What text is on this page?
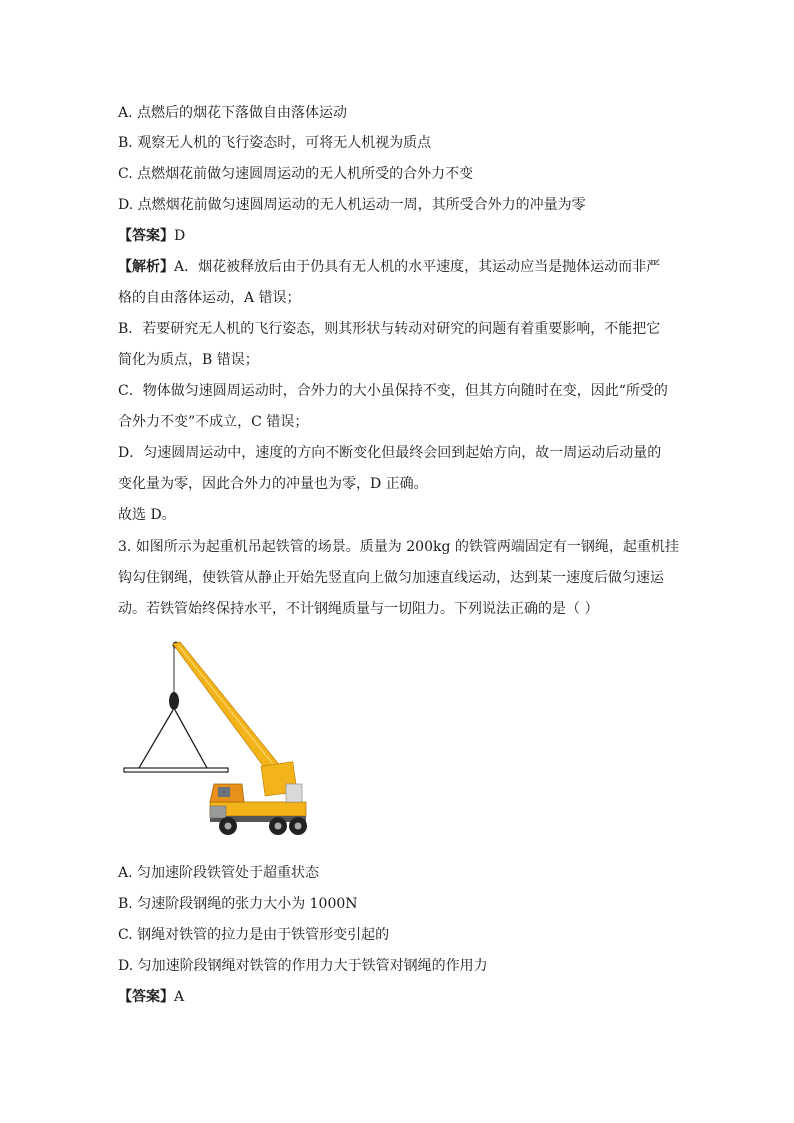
A. 点燃后的烟花下落做自由落体运动
B. 观察无人机的飞行姿态时，可将无人机视为质点
C. 点燃烟花前做匀速圆周运动的无人机所受的合外力不变
D. 点燃烟花前做匀速圆周运动的无人机运动一周，其所受合外力的冲量为零
【答案】D
【解析】A．烟花被释放后由于仍具有无人机的水平速度，其运动应当是抛体运动而非严
格的自由落体运动，A 错误；
B．若要研究无人机的飞行姿态，则其形状与转动对研究的问题有着重要影响，不能把它
简化为质点，B 错误；
C．物体做匀速圆周运动时，合外力的大小虽保持不变，但其方向随时在变，因此“所受的
合外力不变”不成立，C 错误；
D．匀速圆周运动中，速度的方向不断变化但最终会回到起始方向，故一周运动后动量的
变化量为零，因此合外力的冲量也为零，D 正确。
故选 D。
3. 如图所示为起重机吊起铁管的场景。质量为 200kg 的铁管两端固定有一钢绳，起重机挂
钩勾住钢绳，使铁管从静止开始先竖直向上做匀加速直线运动，达到某一速度后做匀速运
动。若铁管始终保持水平，不计钢绳质量与一切阻力。下列说法正确的是（ ）
A. 匀加速阶段铁管处于超重状态
B. 匀速阶段钢绳的张力大小为 1000N
C. 钢绳对铁管的拉力是由于铁管形变引起的
D. 匀加速阶段钢绳对铁管的作用力大于铁管对钢绳的作用力
【答案】A
